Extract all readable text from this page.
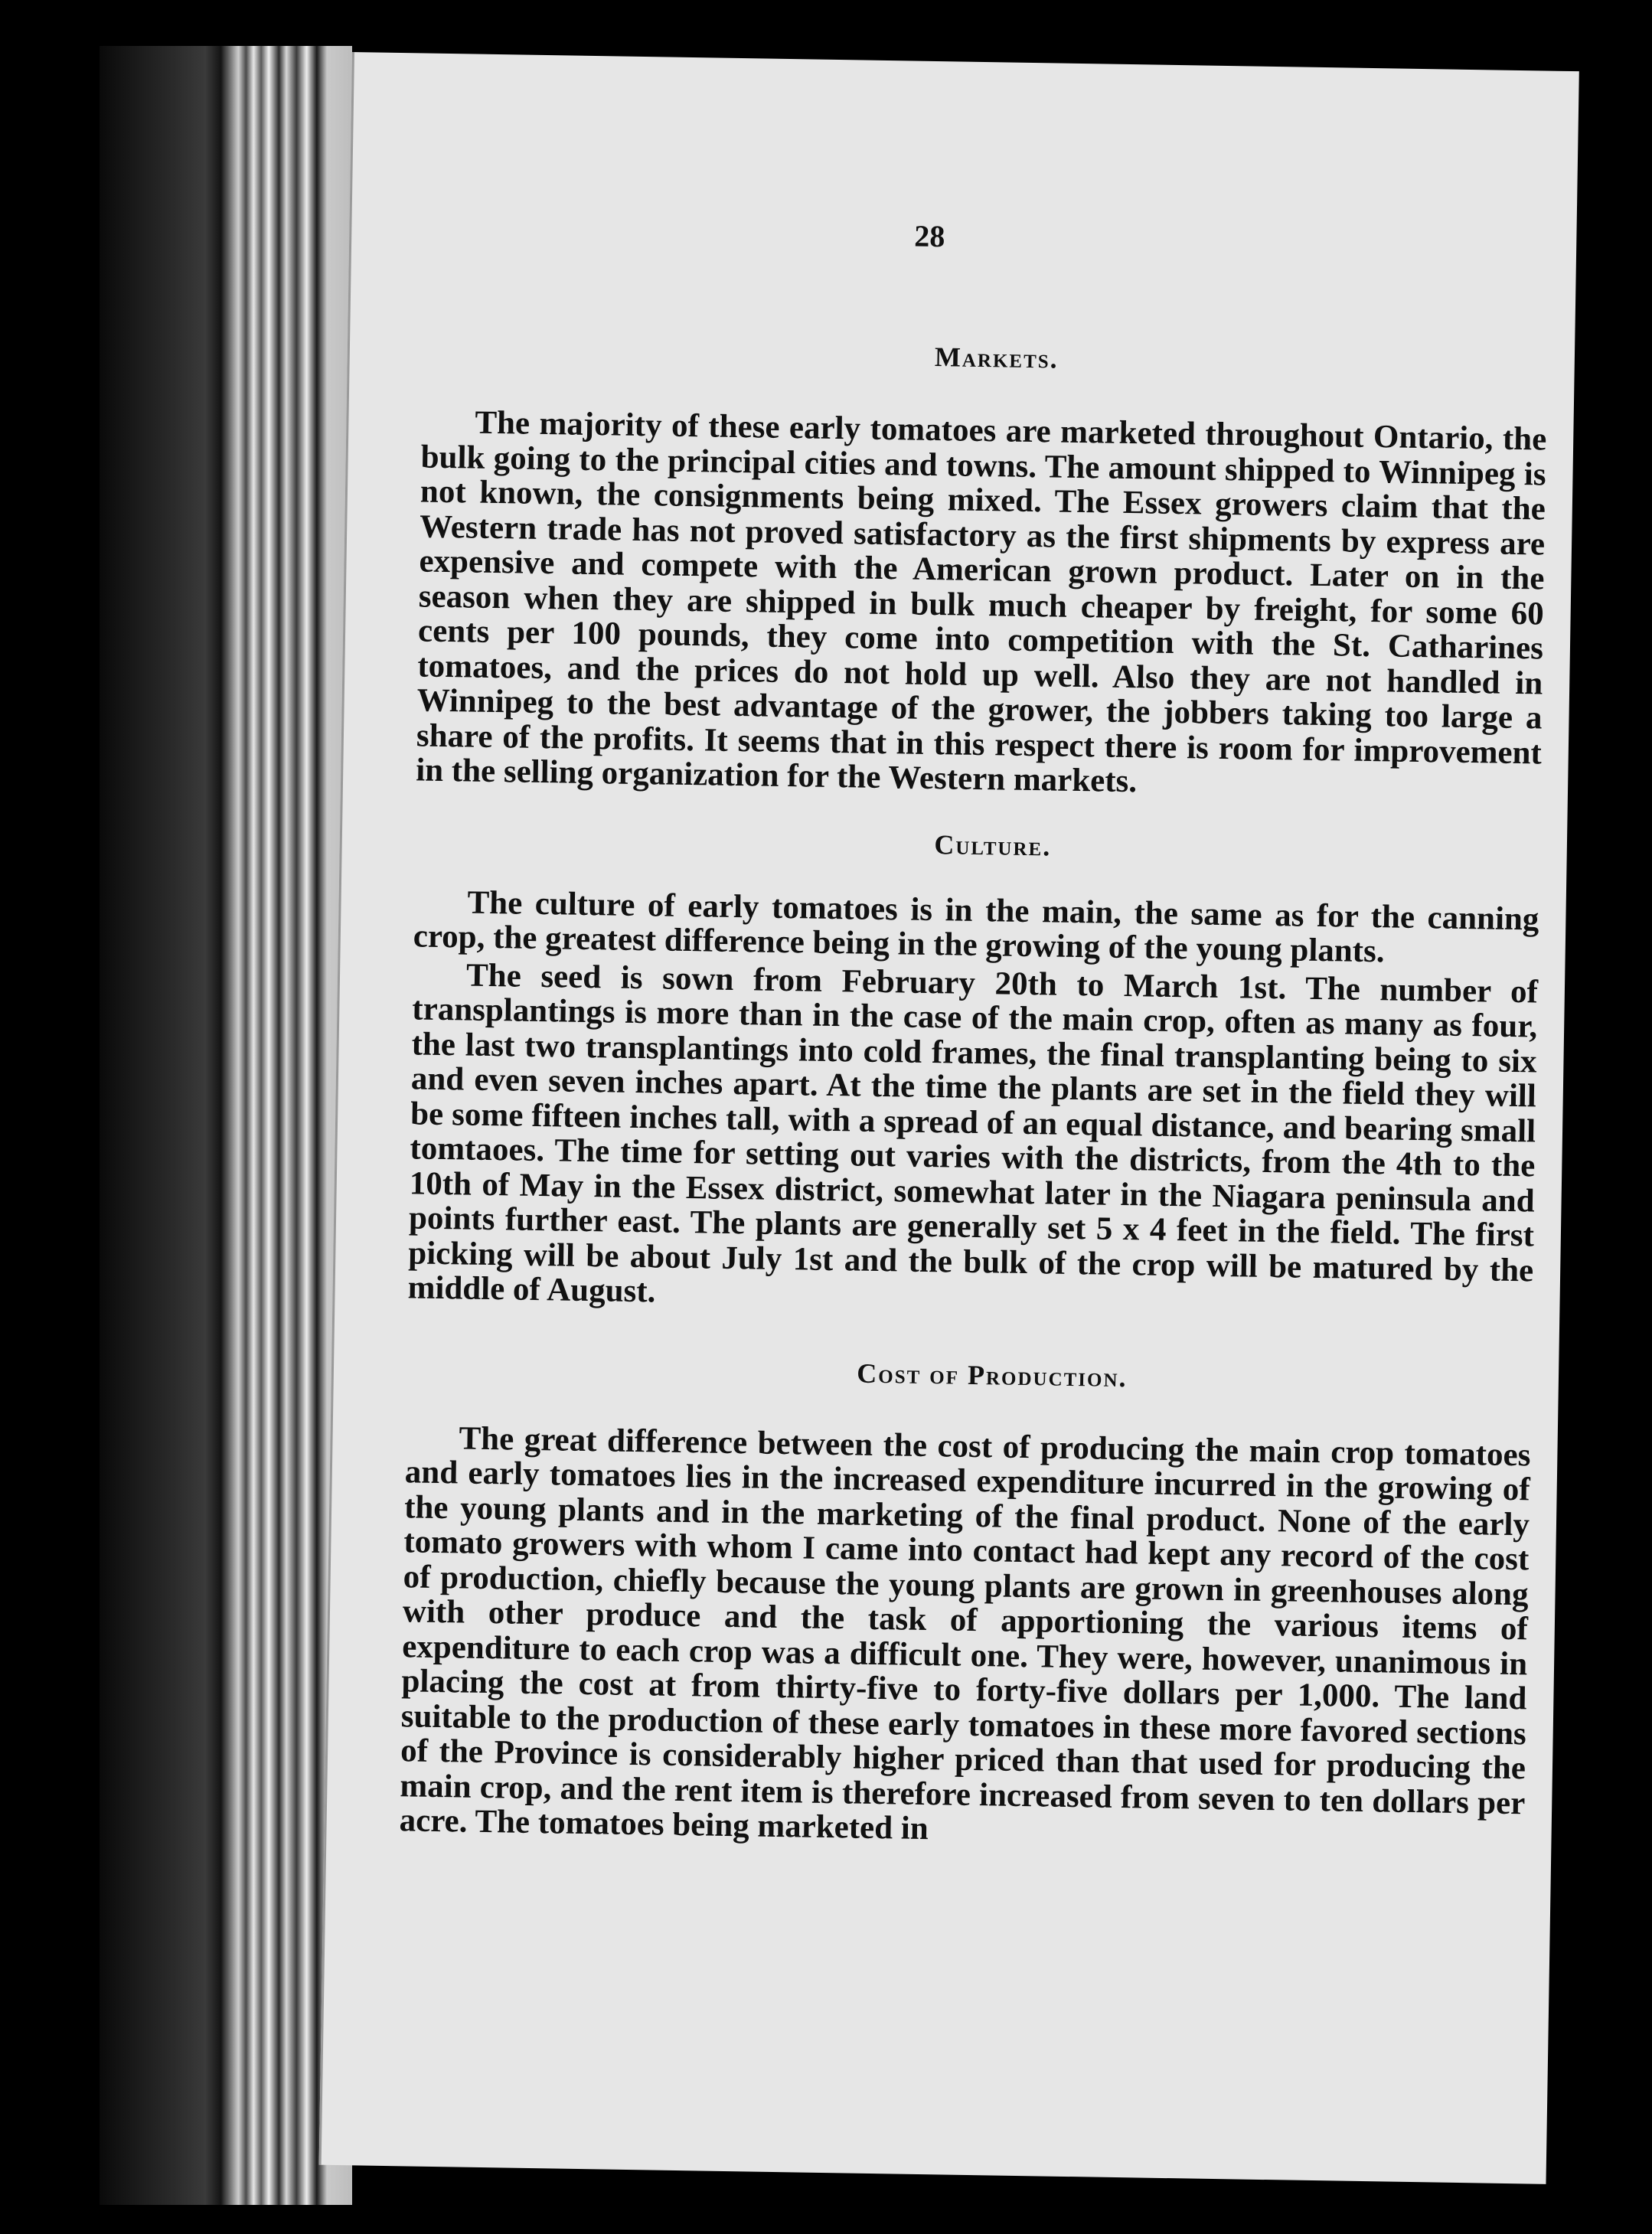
28
Markets.

The majority of these early tomatoes are marketed throughout Ontario, the bulk going to the principal cities and towns. The amount shipped to Winnipeg is not known, the consignments being mixed. The Essex growers claim that the Western trade has not proved satisfactory as the first shipments by express are expensive and compete with the American grown product. Later on in the season when they are shipped in bulk much cheaper by freight, for some 60 cents per 100 pounds, they come into competition with the St. Catharines tomatoes, and the prices do not hold up well. Also they are not handled in Winnipeg to the best advantage of the grower, the jobbers taking too large a share of the profits. It seems that in this respect there is room for improvement in the selling organization for the Western markets.

Culture.

The culture of early tomatoes is in the main, the same as for the canning crop, the greatest difference being in the growing of the young plants.

The seed is sown from February 20th to March 1st. The number of transplantings is more than in the case of the main crop, often as many as four, the last two transplantings into cold frames, the final transplanting being to six and even seven inches apart. At the time the plants are set in the field they will be some fifteen inches tall, with a spread of an equal distance, and bearing small tomtaoes. The time for setting out varies with the districts, from the 4th to the 10th of May in the Essex district, somewhat later in the Niagara peninsula and points further east. The plants are generally set 5 x 4 feet in the field. The first picking will be about July 1st and the bulk of the crop will be matured by the middle of August.

Cost of Production.

The great difference between the cost of producing the main crop tomatoes and early tomatoes lies in the increased expenditure incurred in the growing of the young plants and in the marketing of the final product. None of the early tomato growers with whom I came into contact had kept any record of the cost of production, chiefly because the young plants are grown in greenhouses along with other produce and the task of apportioning the various items of expenditure to each crop was a difficult one. They were, however, unanimous in placing the cost at from thirty-five to forty-five dollars per 1,000. The land suitable to the production of these early tomatoes in these more favored sections of the Province is considerably higher priced than that used for producing the main crop, and the rent item is therefore increased from seven to ten dollars per acre. The tomatoes being marketed in
